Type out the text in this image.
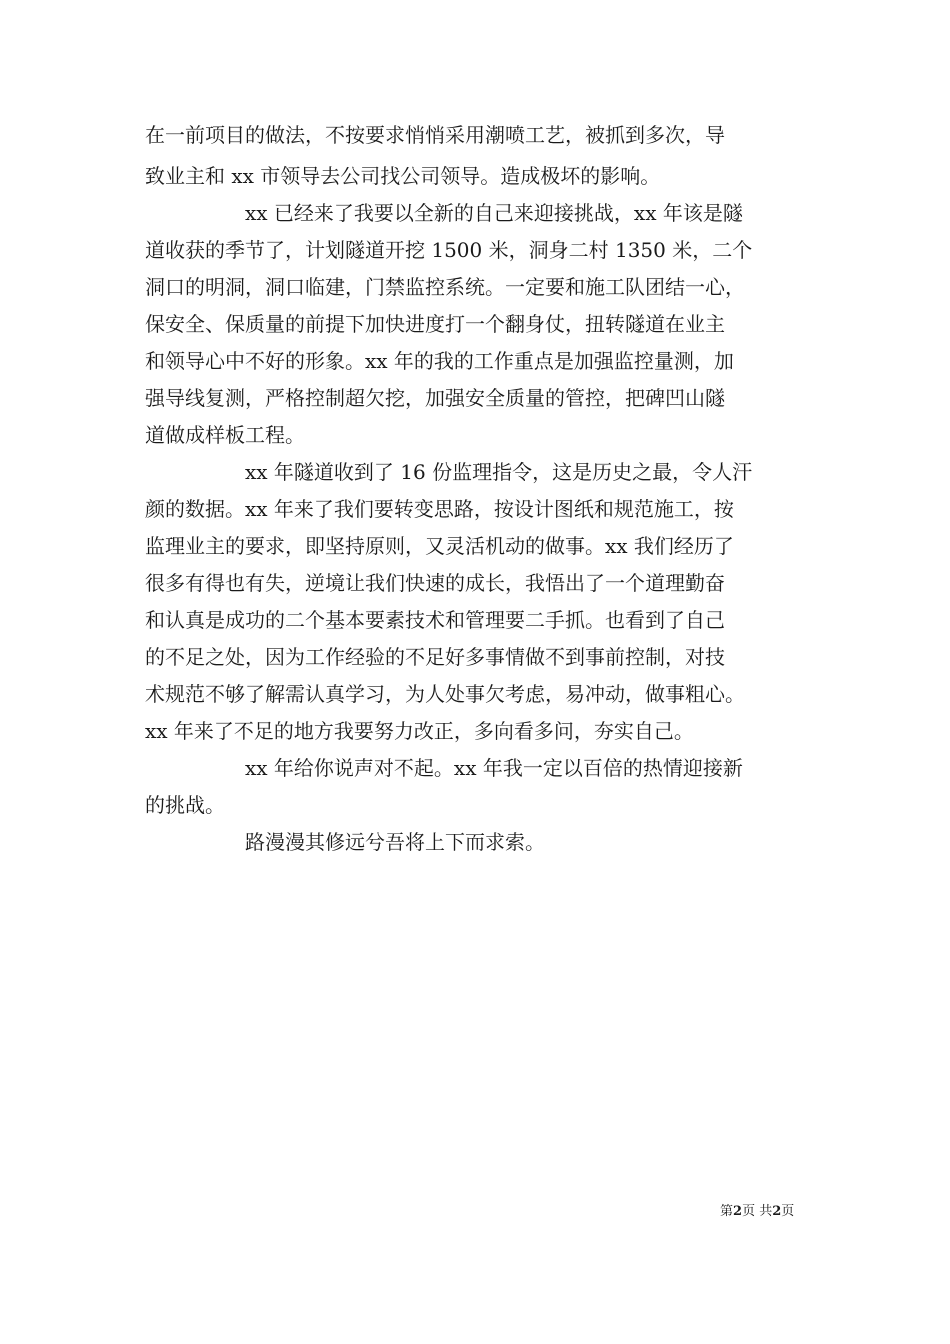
在一前项目的做法，不按要求悄悄采用潮喷工艺，被抓到多次，导
致业主和 xx 市领导去公司找公司领导。造成极坏的影响。
xx 已经来了我要以全新的自己来迎接挑战，xx 年该是隧
道收获的季节了，计划隧道开挖 1500 米，洞身二村 1350 米，二个
洞口的明洞，洞口临建，门禁监控系统。一定要和施工队团结一心，
保安全、保质量的前提下加快进度打一个翻身仗，扭转隧道在业主
和领导心中不好的形象。xx 年的我的工作重点是加强监控量测，加
强导线复测，严格控制超欠挖，加强安全质量的管控，把碑凹山隧
道做成样板工程。
xx 年隧道收到了 16 份监理指令，这是历史之最，令人汗
颜的数据。xx 年来了我们要转变思路，按设计图纸和规范施工，按
监理业主的要求，即坚持原则，又灵活机动的做事。xx 我们经历了
很多有得也有失，逆境让我们快速的成长，我悟出了一个道理勤奋
和认真是成功的二个基本要素技术和管理要二手抓。也看到了自己
的不足之处，因为工作经验的不足好多事情做不到事前控制，对技
术规范不够了解需认真学习，为人处事欠考虑，易冲动，做事粗心。
xx 年来了不足的地方我要努力改正，多向看多问，夯实自己。
xx 年给你说声对不起。xx 年我一定以百倍的热情迎接新
的挑战。
路漫漫其修远兮吾将上下而求索。
第2页 共2页
